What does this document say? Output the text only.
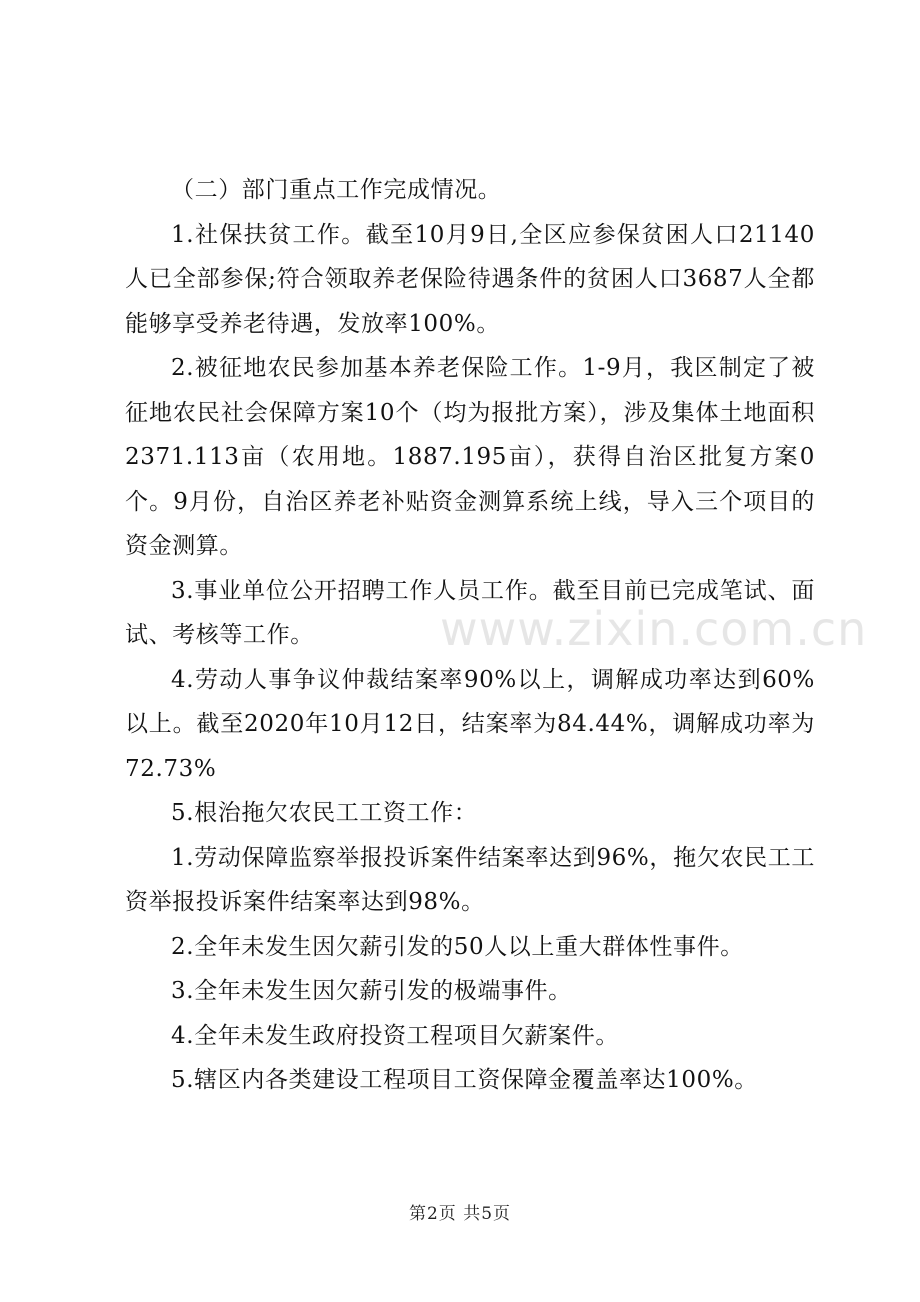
（二）部门重点工作完成情况。

1.社保扶贫工作。截至10月9日,全区应参保贫困人口21140人已全部参保;符合领取养老保险待遇条件的贫困人口3687人全都能够享受养老待遇，发放率100%。

2.被征地农民参加基本养老保险工作。1-9月，我区制定了被征地农民社会保障方案10个（均为报批方案），涉及集体土地面积2371.113亩（农用地。1887.195亩），获得自治区批复方案0个。9月份，自治区养老补贴资金测算系统上线，导入三个项目的资金测算。

3.事业单位公开招聘工作人员工作。截至目前已完成笔试、面试、考核等工作。

4.劳动人事争议仲裁结案率90%以上，调解成功率达到60%以上。截至2020年10月12日，结案率为84.44%，调解成功率为72.73%

5.根治拖欠农民工工资工作：

1.劳动保障监察举报投诉案件结案率达到96%，拖欠农民工工资举报投诉案件结案率达到98%。

2.全年未发生因欠薪引发的50人以上重大群体性事件。

3.全年未发生因欠薪引发的极端事件。

4.全年未发生政府投资工程项目欠薪案件。

5.辖区内各类建设工程项目工资保障金覆盖率达100%。

www.zixin.com.cn
第2页 共5页
